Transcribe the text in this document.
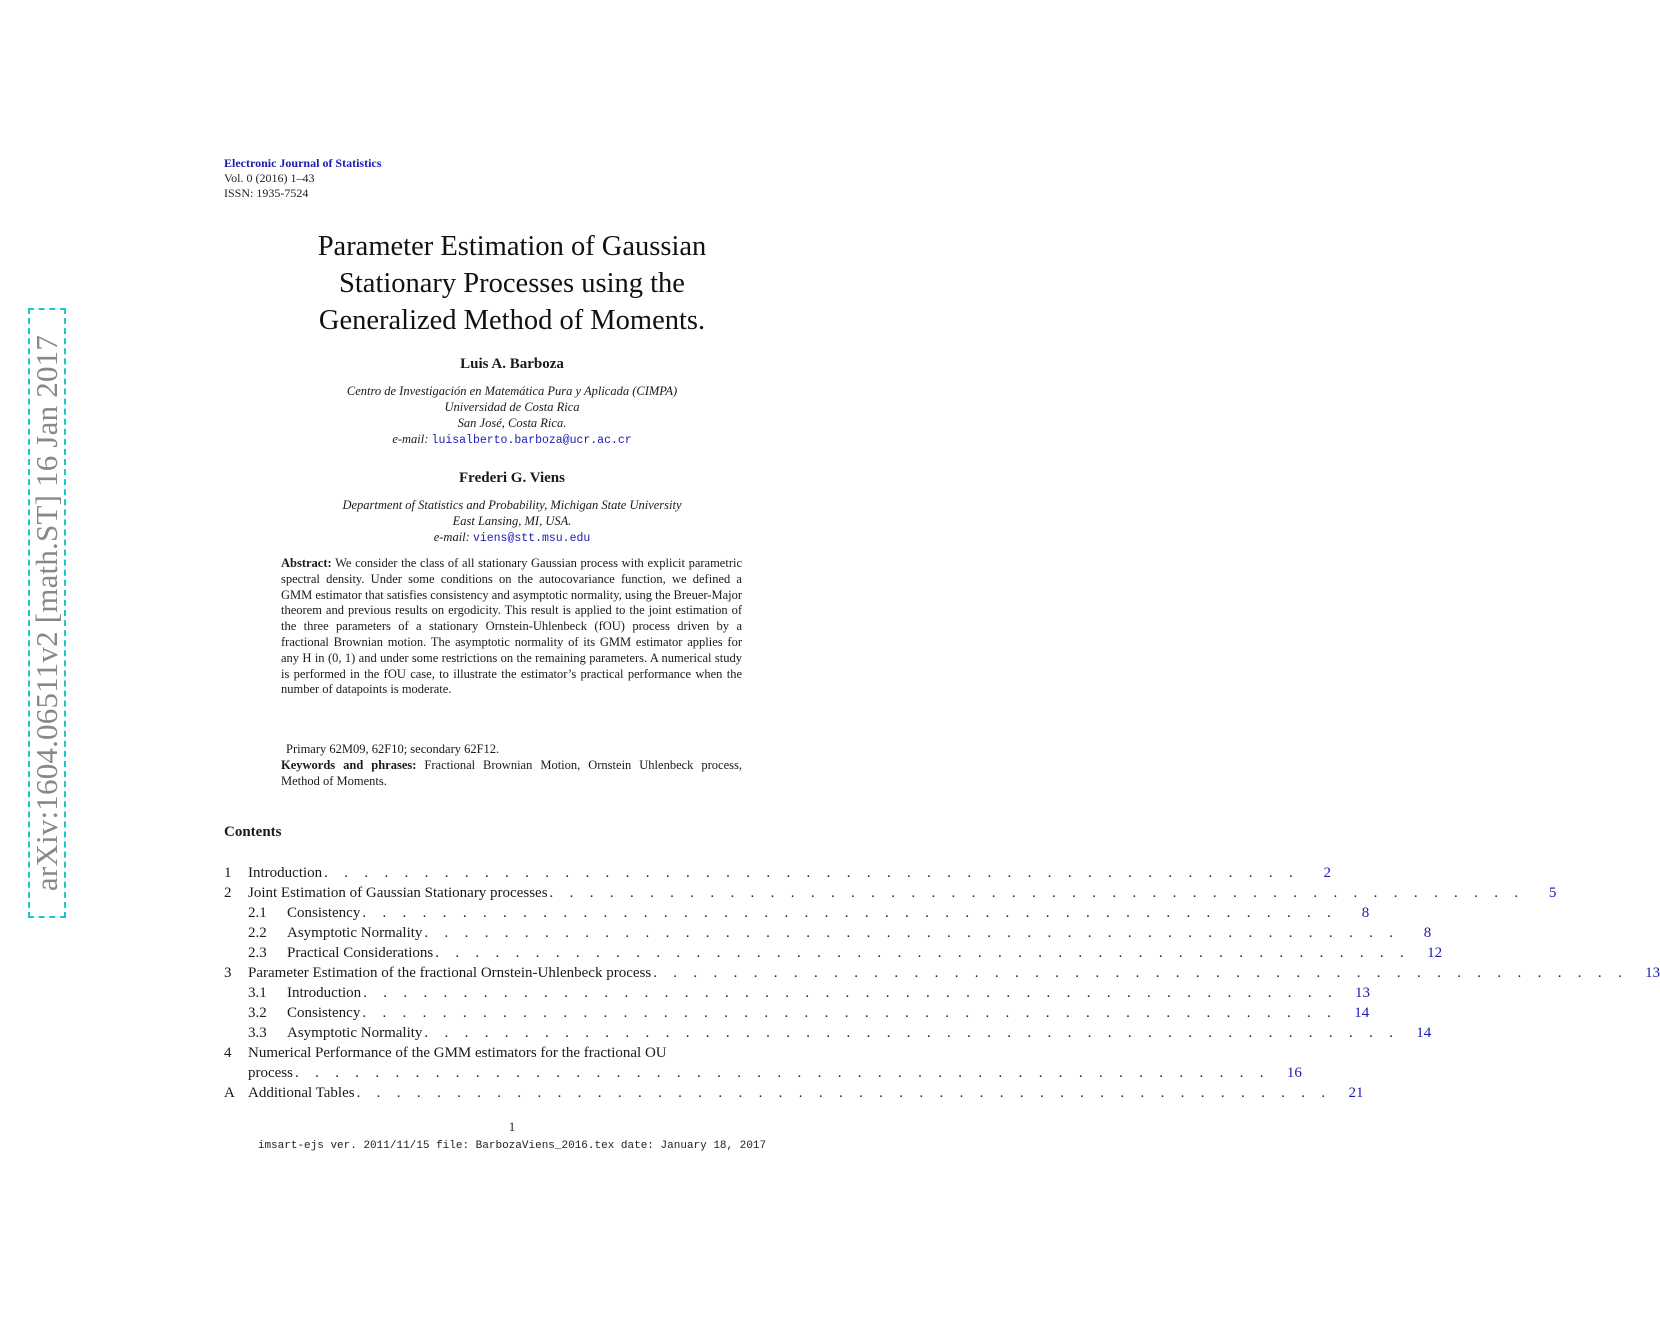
arXiv:1604.06511v2 [math.ST] 16 Jan 2017
Electronic Journal of Statistics
Vol. 0 (2016) 1–43
ISSN: 1935-7524
Parameter Estimation of Gaussian
Stationary Processes using the
Generalized Method of Moments.
Luis A. Barboza
Centro de Investigación en Matemática Pura y Aplicada (CIMPA)
Universidad de Costa Rica
San José, Costa Rica.
e-mail: luisalberto.barboza@ucr.ac.cr
Frederi G. Viens
Department of Statistics and Probability, Michigan State University
East Lansing, MI, USA.
e-mail: viens@stt.msu.edu
Abstract: We consider the class of all stationary Gaussian process with explicit parametric spectral density. Under some conditions on the autocovariance function, we defined a GMM estimator that satisfies consistency and asymptotic normality, using the Breuer-Major theorem and previous results on ergodicity. This result is applied to the joint estimation of the three parameters of a stationary Ornstein-Uhlenbeck (fOU) process driven by a fractional Brownian motion. The asymptotic normality of its GMM estimator applies for any H in (0, 1) and under some restrictions on the remaining parameters. A numerical study is performed in the fOU case, to illustrate the estimator’s practical performance when the number of datapoints is moderate.
Primary 62M09, 62F10; secondary 62F12.
Keywords and phrases: Fractional Brownian Motion, Ornstein Uhlenbeck process, Method of Moments.
Contents
1	Introduction . . . . . . . . . . . . . . . . . . . . . . . . . . . . . . . . . . . . . . . . . . . . . . . . .	2
2	Joint Estimation of Gaussian Stationary processes . . . . . . . . . . . . . . . . . . . . . . . . . . . . . . . . . . . . . . . . . . . . . . . . .	5
2.1	Consistency . . . . . . . . . . . . . . . . . . . . . . . . . . . . . . . . . . . . . . . . . . . . . . . . .	8
2.2	Asymptotic Normality . . . . . . . . . . . . . . . . . . . . . . . . . . . . . . . . . . . . . . . . . . . . . . . . .	8
2.3	Practical Considerations . . . . . . . . . . . . . . . . . . . . . . . . . . . . . . . . . . . . . . . . . . . . . . . . .	12
3	Parameter Estimation of the fractional Ornstein-Uhlenbeck process . . . . . . . . . . . . . . . . . . . . . . . . . . . . . . . . . . . . . . . . . . . . . . . . .	13
3.1	Introduction . . . . . . . . . . . . . . . . . . . . . . . . . . . . . . . . . . . . . . . . . . . . . . . . .	13
3.2	Consistency . . . . . . . . . . . . . . . . . . . . . . . . . . . . . . . . . . . . . . . . . . . . . . . . .	14
3.3	Asymptotic Normality . . . . . . . . . . . . . . . . . . . . . . . . . . . . . . . . . . . . . . . . . . . . . . . . .	14
4	Numerical Performance of the GMM estimators for the fractional OU
process . . . . . . . . . . . . . . . . . . . . . . . . . . . . . . . . . . . . . . . . . . . . . . . . .	16
A Additional Tables . . . . . . . . . . . . . . . . . . . . . . . . . . . . . . . . . . . . . . . . . . . . . . . . .	21
1
imsart-ejs ver. 2011/11/15 file: BarbozaViens_2016.tex date: January 18, 2017
